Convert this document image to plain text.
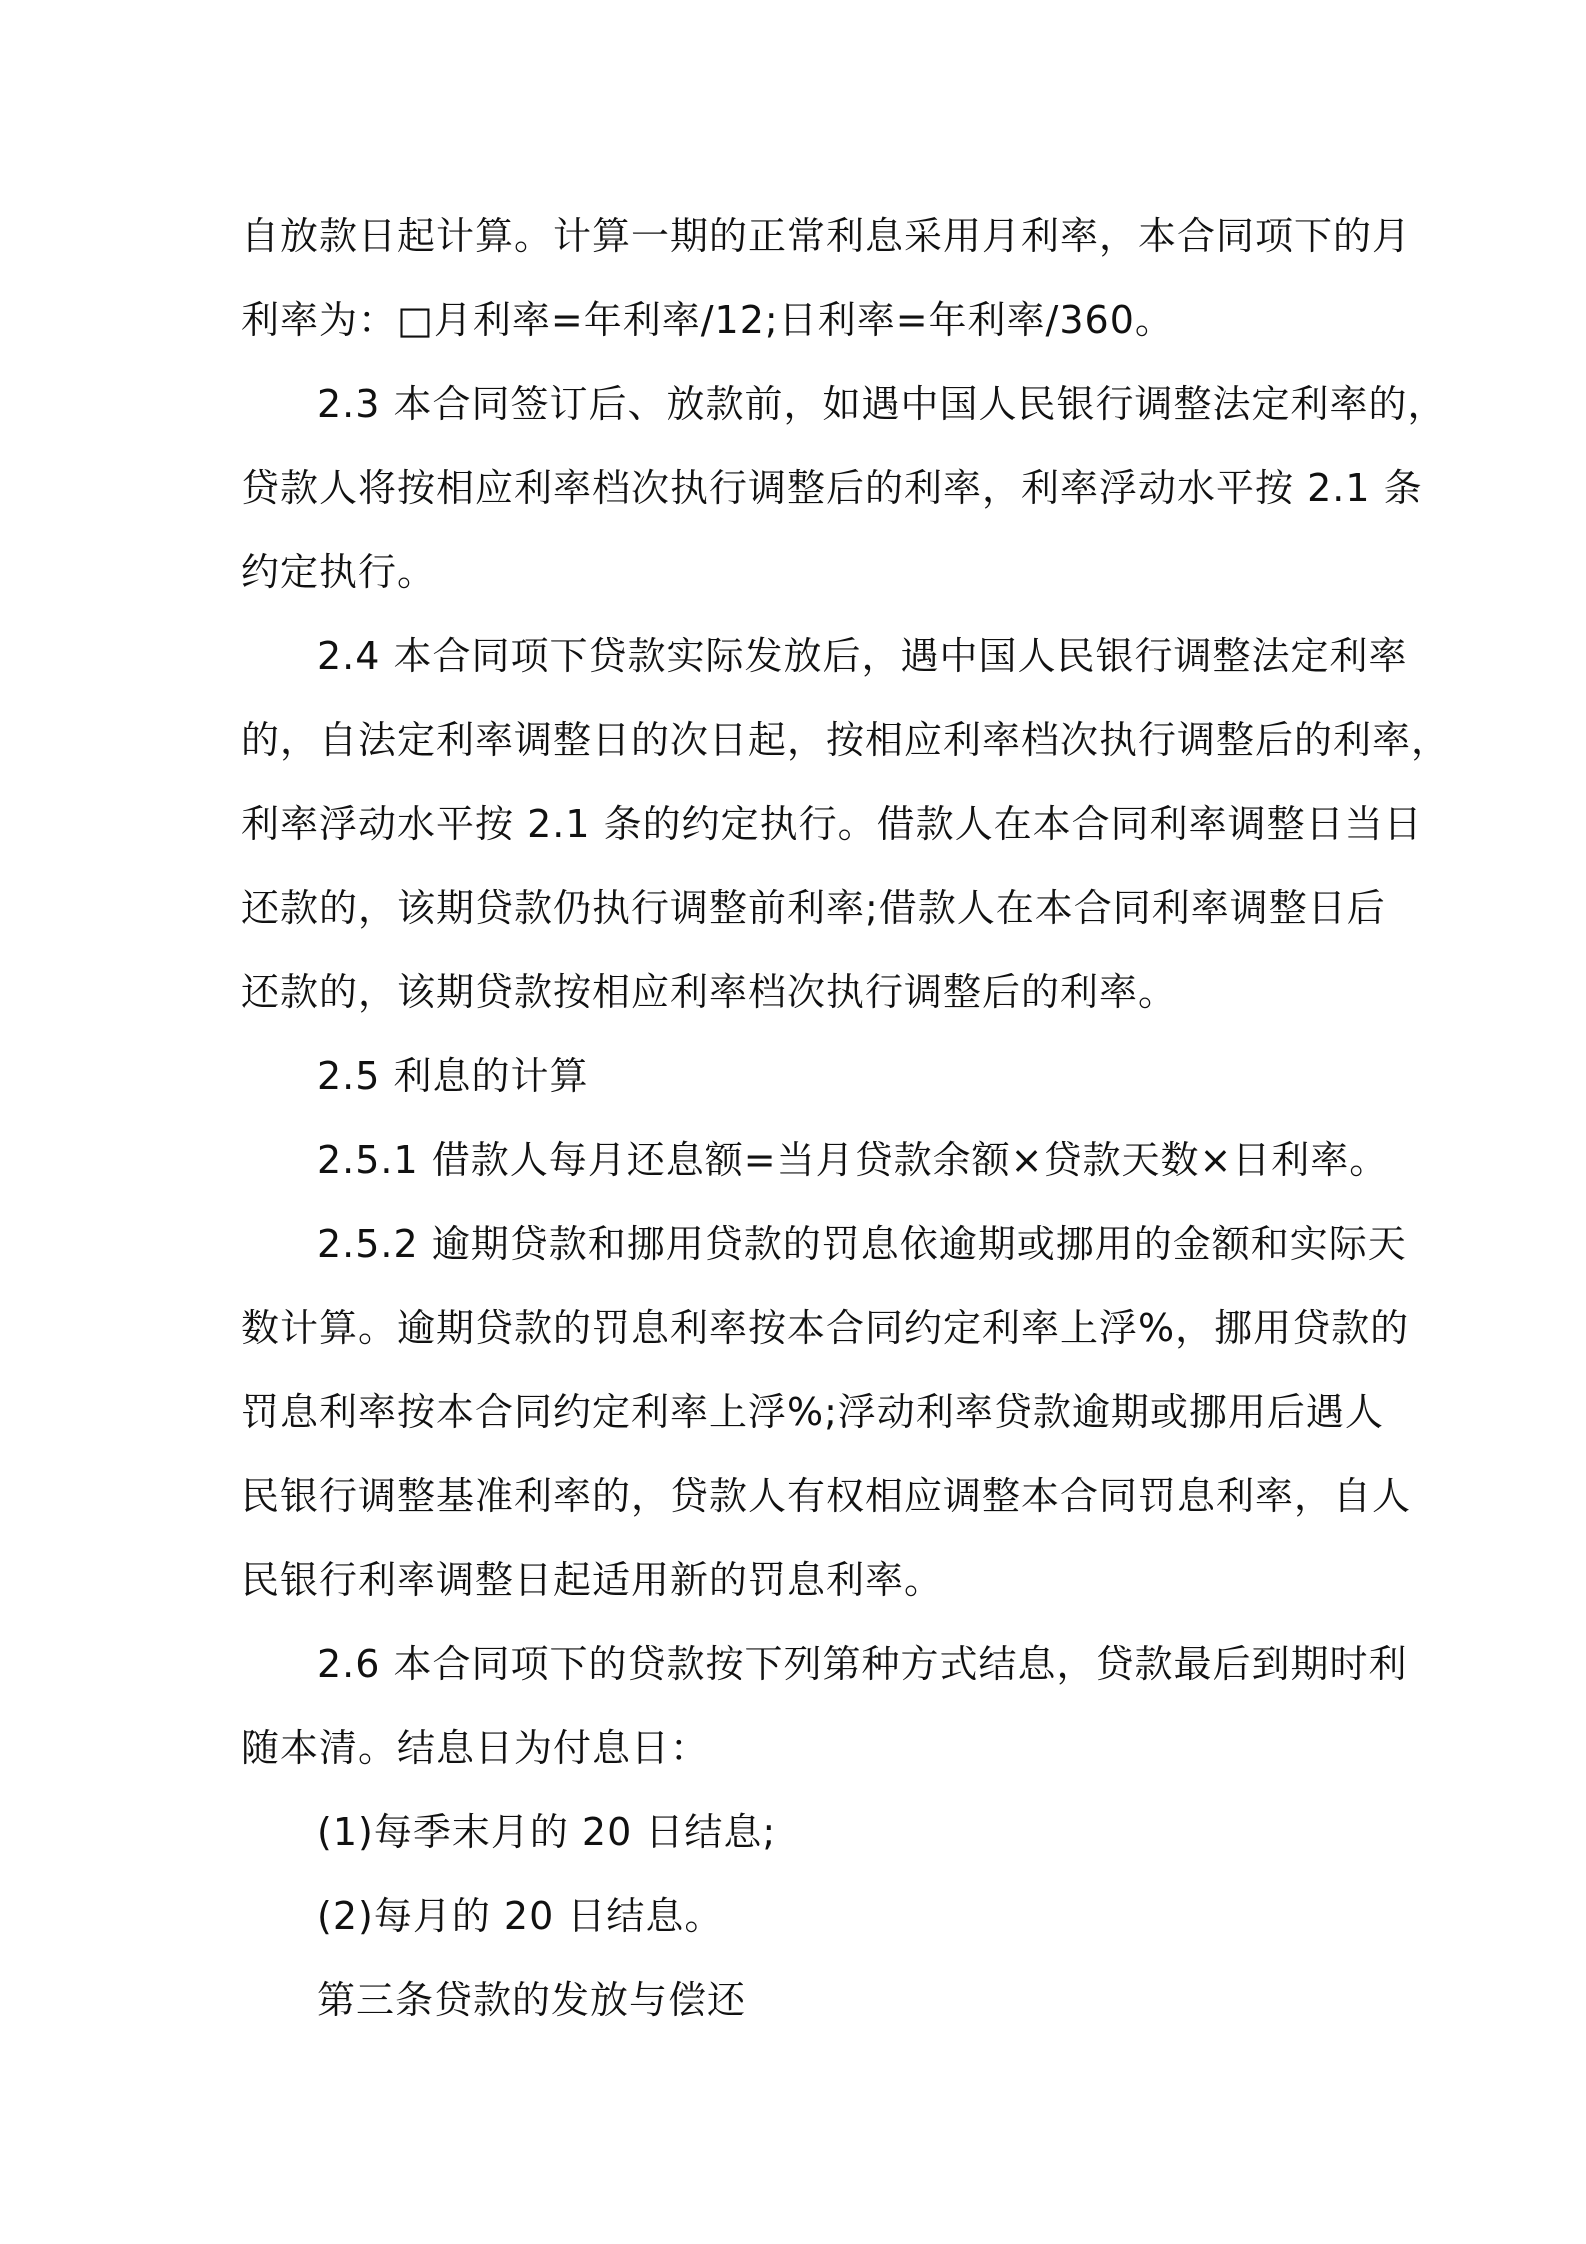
自放款日起计算。计算一期的正常利息采用月利率，本合同项下的月
利率为：□月利率=年利率/12;日利率=年利率/360。

2.3 本合同签订后、放款前，如遇中国人民银行调整法定利率的，
贷款人将按相应利率档次执行调整后的利率，利率浮动水平按 2.1 条
约定执行。

2.4 本合同项下贷款实际发放后，遇中国人民银行调整法定利率
的，自法定利率调整日的次日起，按相应利率档次执行调整后的利率，
利率浮动水平按 2.1 条的约定执行。借款人在本合同利率调整日当日
还款的，该期贷款仍执行调整前利率;借款人在本合同利率调整日后
还款的，该期贷款按相应利率档次执行调整后的利率。

2.5 利息的计算

2.5.1 借款人每月还息额=当月贷款余额×贷款天数×日利率。

2.5.2 逾期贷款和挪用贷款的罚息依逾期或挪用的金额和实际天
数计算。逾期贷款的罚息利率按本合同约定利率上浮%，挪用贷款的
罚息利率按本合同约定利率上浮%;浮动利率贷款逾期或挪用后遇人
民银行调整基准利率的，贷款人有权相应调整本合同罚息利率，自人
民银行利率调整日起适用新的罚息利率。

2.6 本合同项下的贷款按下列第种方式结息，贷款最后到期时利
随本清。结息日为付息日：

(1)每季末月的 20 日结息;

(2)每月的 20 日结息。

第三条贷款的发放与偿还
